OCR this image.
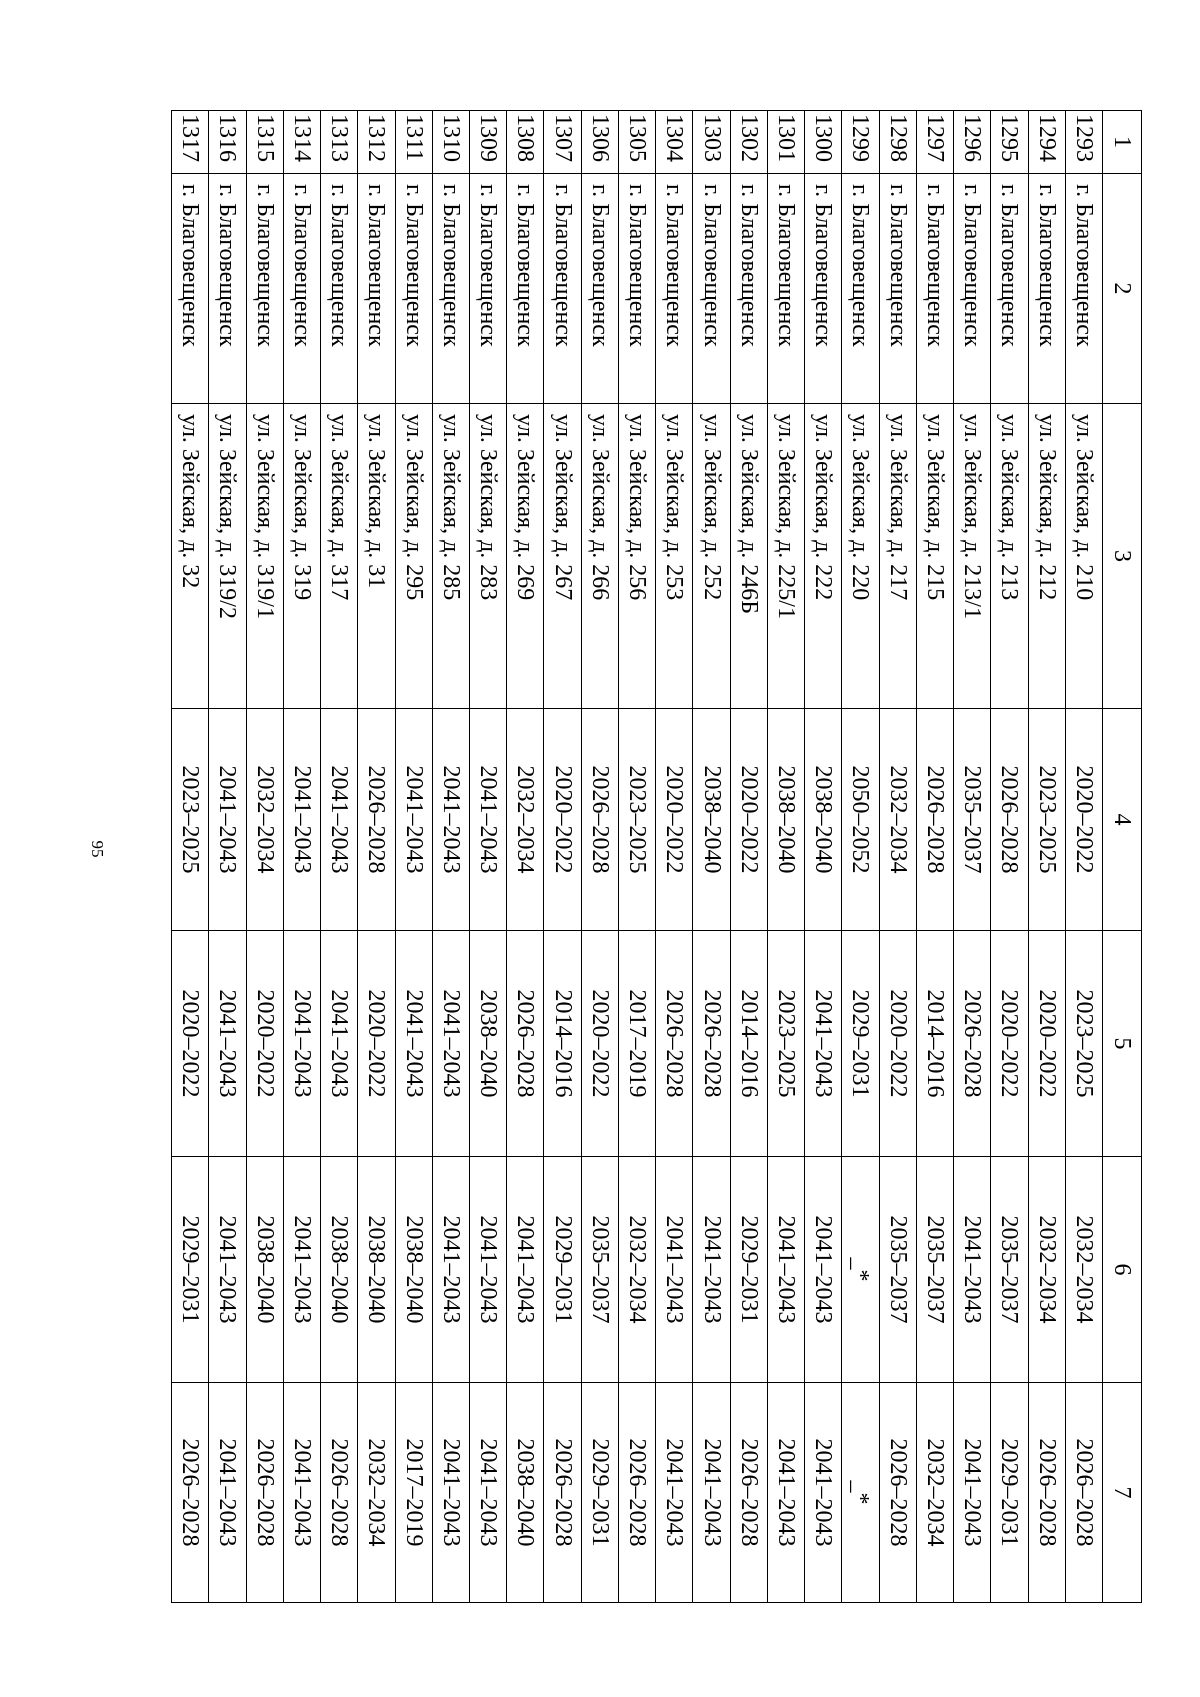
95
1	2	3	4	5	6	7
1293	г. Благовещенск	ул. Зейская, д. 210	2020–2022	2023–2025	2032–2034	2026–2028
1294	г. Благовещенск	ул. Зейская, д. 212	2023–2025	2020–2022	2032–2034	2026–2028
1295	г. Благовещенск	ул. Зейская, д. 213	2026–2028	2020–2022	2035–2037	2029–2031
1296	г. Благовещенск	ул. Зейская, д. 213/1	2035–2037	2026–2028	2041–2043	2041–2043
1297	г. Благовещенск	ул. Зейская, д. 215	2026–2028	2014–2016	2035–2037	2032–2034
1298	г. Благовещенск	ул. Зейская, д. 217	2032–2034	2020–2022	2035–2037	2026–2028
1299	г. Благовещенск	ул. Зейская, д. 220	2050–2052	2029–2031	_*	_*
1300	г. Благовещенск	ул. Зейская, д. 222	2038–2040	2041–2043	2041–2043	2041–2043
1301	г. Благовещенск	ул. Зейская, д. 225/1	2038–2040	2023–2025	2041–2043	2041–2043
1302	г. Благовещенск	ул. Зейская, д. 246Б	2020–2022	2014–2016	2029–2031	2026–2028
1303	г. Благовещенск	ул. Зейская, д. 252	2038–2040	2026–2028	2041–2043	2041–2043
1304	г. Благовещенск	ул. Зейская, д. 253	2020–2022	2026–2028	2041–2043	2041–2043
1305	г. Благовещенск	ул. Зейская, д. 256	2023–2025	2017–2019	2032–2034	2026–2028
1306	г. Благовещенск	ул. Зейская, д. 266	2026–2028	2020–2022	2035–2037	2029–2031
1307	г. Благовещенск	ул. Зейская, д. 267	2020–2022	2014–2016	2029–2031	2026–2028
1308	г. Благовещенск	ул. Зейская, д. 269	2032–2034	2026–2028	2041–2043	2038–2040
1309	г. Благовещенск	ул. Зейская, д. 283	2041–2043	2038–2040	2041–2043	2041–2043
1310	г. Благовещенск	ул. Зейская, д. 285	2041–2043	2041–2043	2041–2043	2041–2043
1311	г. Благовещенск	ул. Зейская, д. 295	2041–2043	2041–2043	2038–2040	2017–2019
1312	г. Благовещенск	ул. Зейская, д. 31	2026–2028	2020–2022	2038–2040	2032–2034
1313	г. Благовещенск	ул. Зейская, д. 317	2041–2043	2041–2043	2038–2040	2026–2028
1314	г. Благовещенск	ул. Зейская, д. 319	2041–2043	2041–2043	2041–2043	2041–2043
1315	г. Благовещенск	ул. Зейская, д. 319/1	2032–2034	2020–2022	2038–2040	2026–2028
1316	г. Благовещенск	ул. Зейская, д. 319/2	2041–2043	2041–2043	2041–2043	2041–2043
1317	г. Благовещенск	ул. Зейская, д. 32	2023–2025	2020–2022	2029–2031	2026–2028
